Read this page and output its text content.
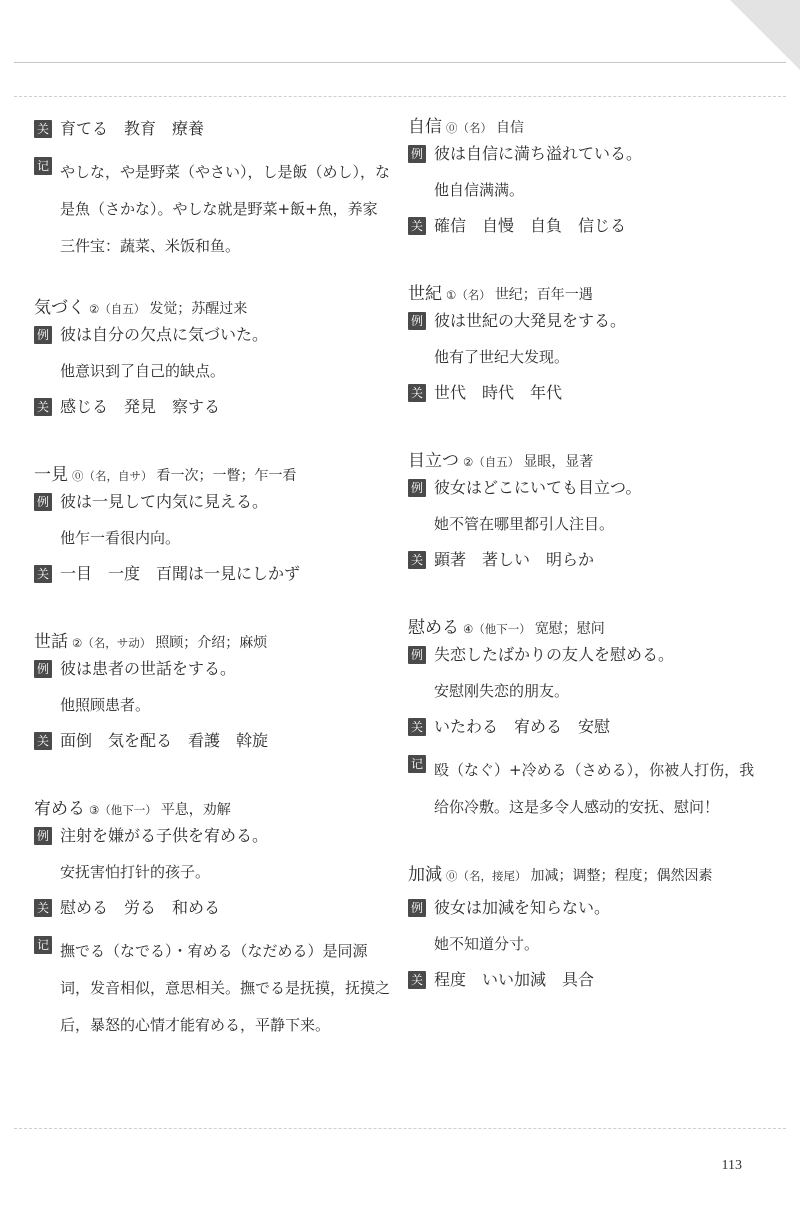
关 育てる　教育　療養
记 やしな，や是野菜（やさい），し是飯（めし），な是魚（さかな）。やしな就是野菜+飯+魚，养家三件宝：蔬菜、米饭和鱼。
気づく ②（自五） 发觉；苏醒过来
例 彼は自分の欠点に気づいた。
他意识到了自己的缺点。
关 感じる　発見　察する
一見 ⓪（名，自サ） 看一次；一瞥；乍一看
例 彼は一見して内気に見える。
他乍一看很内向。
关 一目　一度　百聞は一見にしかず
世話 ②（名，サ动） 照顾；介绍；麻烦
例 彼は患者の世話をする。
他照顾患者。
关 面倒　気を配る　看護　斡旋
宥める ③（他下一） 平息，劝解
例 注射を嫌がる子供を宥める。
安抚害怕打针的孩子。
关 慰める　労る　和める
记 撫でる（なでる）・宥める（なだめる）是同源词，发音相似，意思相关。撫でる是抚摸，抚摸之后，暴怒的心情才能宥める，平静下来。
自信 ⓪（名） 自信
例 彼は自信に満ち溢れている。
他自信满满。
关 確信　自慢　自負　信じる
世紀 ①（名） 世纪；百年一遇
例 彼は世紀の大発見をする。
他有了世纪大发现。
关 世代　時代　年代
目立つ ②（自五） 显眼，显著
例 彼女はどこにいても目立つ。
她不管在哪里都引人注目。
关 顕著　著しい　明らか
慰める ④（他下一） 宽慰；慰问
例 失恋したばかりの友人を慰める。
安慰刚失恋的朋友。
关 いたわる　宥める　安慰
记 殴（なぐ）+冷める（さめる），你被人打伤，我给你冷敷。这是多令人感动的安抚、慰问！
加減 ⓪（名，接尾） 加减；调整；程度；偶然因素
例 彼女は加減を知らない。
她不知道分寸。
关 程度　いい加減　具合
113
